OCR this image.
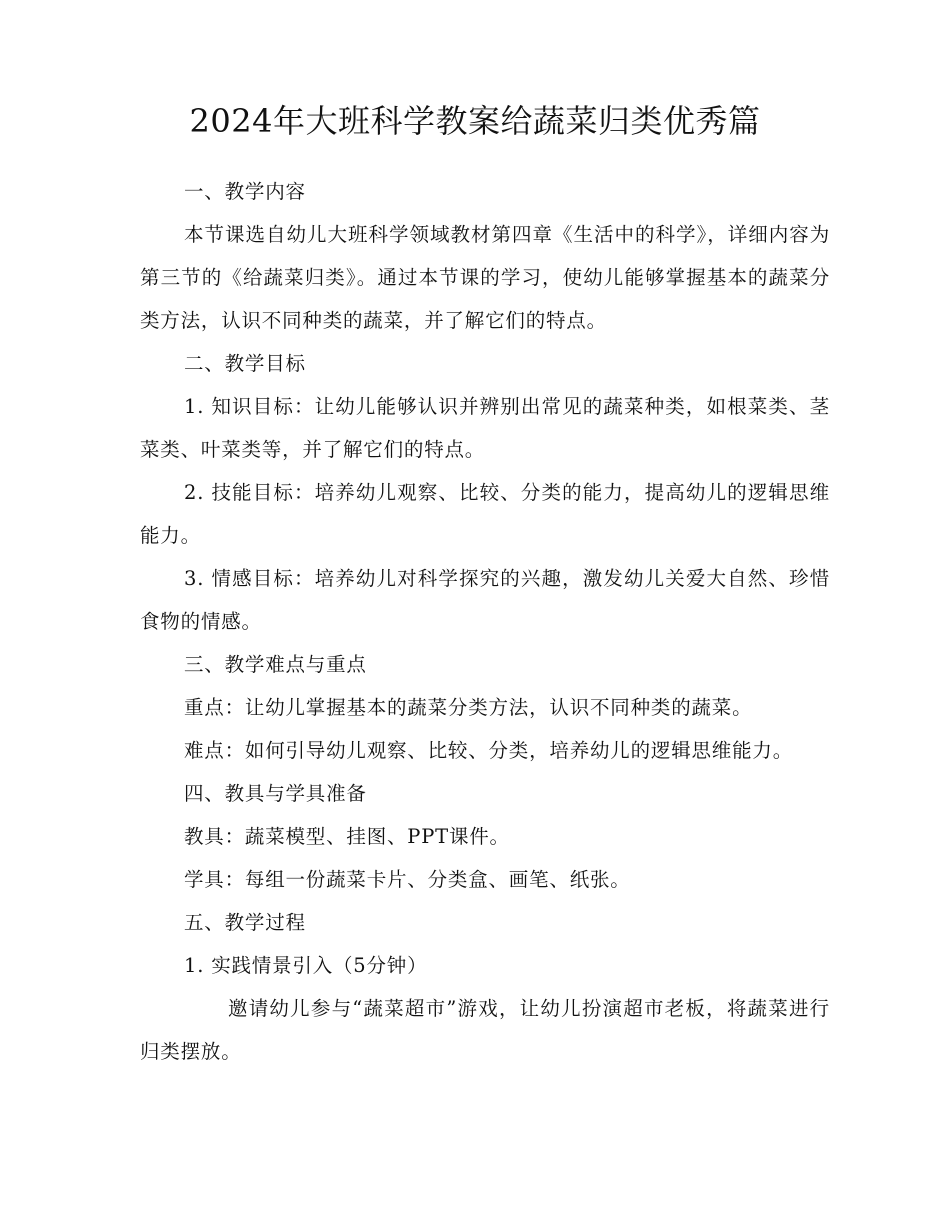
2024年大班科学教案给蔬菜归类优秀篇

一、教学内容

本节课选自幼儿大班科学领域教材第四章《生活中的科学》，详细内容为第三节的《给蔬菜归类》。通过本节课的学习，使幼儿能够掌握基本的蔬菜分类方法，认识不同种类的蔬菜，并了解它们的特点。

二、教学目标

1. 知识目标：让幼儿能够认识并辨别出常见的蔬菜种类，如根菜类、茎菜类、叶菜类等，并了解它们的特点。

2. 技能目标：培养幼儿观察、比较、分类的能力，提高幼儿的逻辑思维能力。

3. 情感目标：培养幼儿对科学探究的兴趣，激发幼儿关爱大自然、珍惜食物的情感。

三、教学难点与重点

重点：让幼儿掌握基本的蔬菜分类方法，认识不同种类的蔬菜。

难点：如何引导幼儿观察、比较、分类，培养幼儿的逻辑思维能力。

四、教具与学具准备

教具：蔬菜模型、挂图、PPT课件。

学具：每组一份蔬菜卡片、分类盒、画笔、纸张。

五、教学过程

1. 实践情景引入（5分钟）

邀请幼儿参与“蔬菜超市”游戏，让幼儿扮演超市老板，将蔬菜进行归类摆放。
